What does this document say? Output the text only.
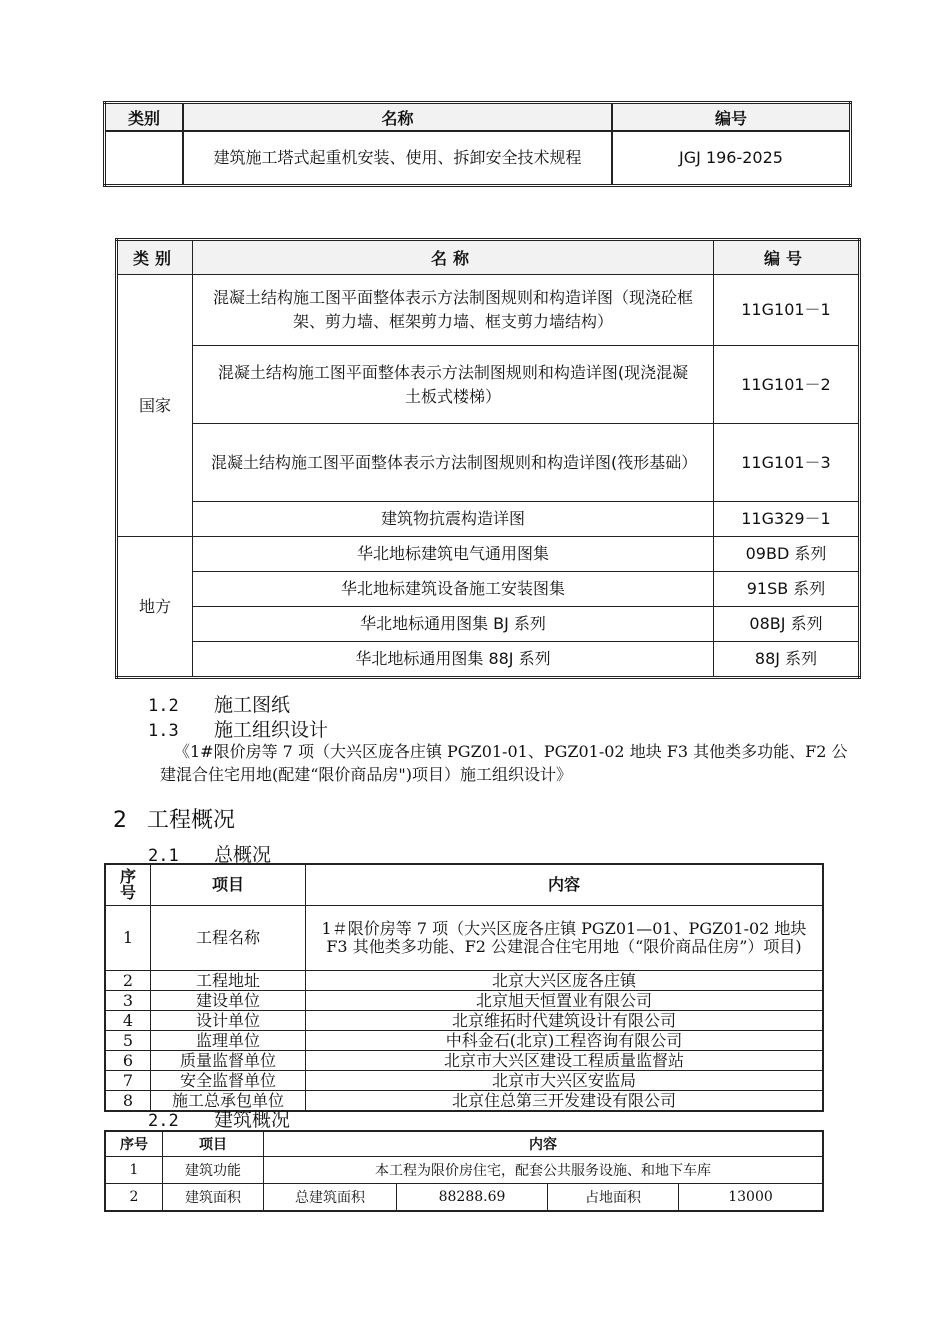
类别	名称	编号
	建筑施工塔式起重机安装、使用、拆卸安全技术规程	JGJ 196-2025
类别	名称	编号
国家	混凝土结构施工图平面整体表示方法制图规则和构造详图（现浇砼框架、剪力墙、框架剪力墙、框支剪力墙结构）	11G101－1
	混凝土结构施工图平面整体表示方法制图规则和构造详图(现浇混凝土板式楼梯）	11G101－2
	混凝土结构施工图平面整体表示方法制图规则和构造详图(筏形基础）	11G101－3
	建筑物抗震构造详图	11G329－1
地方	华北地标建筑电气通用图集	09BD 系列
	华北地标建筑设备施工安装图集	91SB 系列
	华北地标通用图集 BJ 系列	08BJ 系列
	华北地标通用图集 88J 系列	88J 系列
1.2 施工图纸
1.3 施工组织设计
《1#限价房等 7 项（大兴区庞各庄镇 PGZ01-01、PGZ01-02 地块 F3 其他类多功能、F2 公建混合住宅用地(配建“限价商品房")项目）施工组织设计》
2 工程概况
2.1 总概况
序号	项目	内容
1	工程名称	1＃限价房等 7 项（大兴区庞各庄镇 PGZ01—01、PGZ01-02 地块 F3 其他类多功能、F2 公建混合住宅用地（“限价商品住房”）项目)
2	工程地址	北京大兴区庞各庄镇
3	建设单位	北京旭天恒置业有限公司
4	设计单位	北京维拓时代建筑设计有限公司
5	监理单位	中科金石(北京)工程咨询有限公司
6	质量监督单位	北京市大兴区建设工程质量监督站
7	安全监督单位	北京市大兴区安监局
8	施工总承包单位	北京住总第三开发建设有限公司
2.2 建筑概况
序号	项目	内容			
1	建筑功能	本工程为限价房住宅，配套公共服务设施、和地下车库			
2	建筑面积	总建筑面积	88288.69	占地面积	13000
